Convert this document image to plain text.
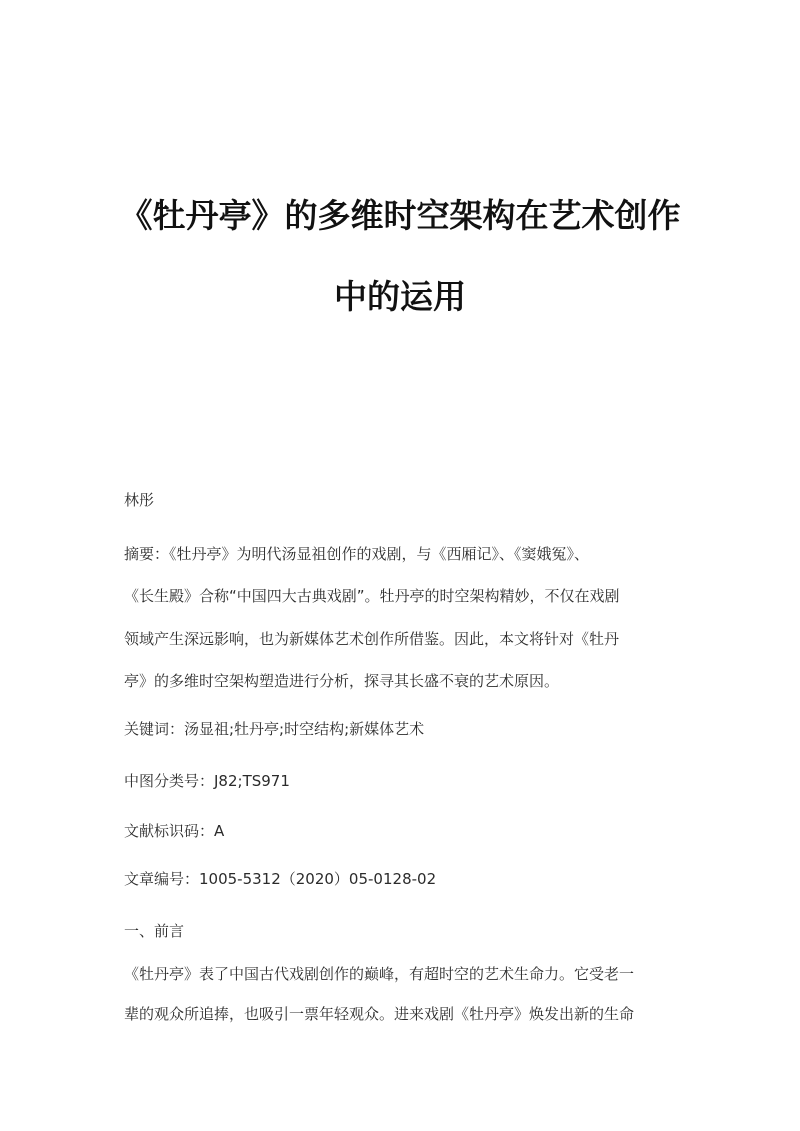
《牡丹亭》的多维时空架构在艺术创作
中的运用
林彤
摘要：《牡丹亭》为明代汤显祖创作的戏剧，与《西厢记》、《窦娥冤》、
《长生殿》合称“中国四大古典戏剧”。牡丹亭的时空架构精妙，不仅在戏剧
领域产生深远影响，也为新媒体艺术创作所借鉴。因此，本文将针对《牡丹
亭》的多维时空架构塑造进行分析，探寻其长盛不衰的艺术原因。
关键词：汤显祖;牡丹亭;时空结构;新媒体艺术
中图分类号：J82;TS971
文献标识码：A
文章编号：1005-5312（2020）05-0128-02
一、前言
《牡丹亭》表了中国古代戏剧创作的巅峰，有超时空的艺术生命力。它受老一
辈的观众所追捧，也吸引一票年轻观众。进来戏剧《牡丹亭》焕发出新的生命
